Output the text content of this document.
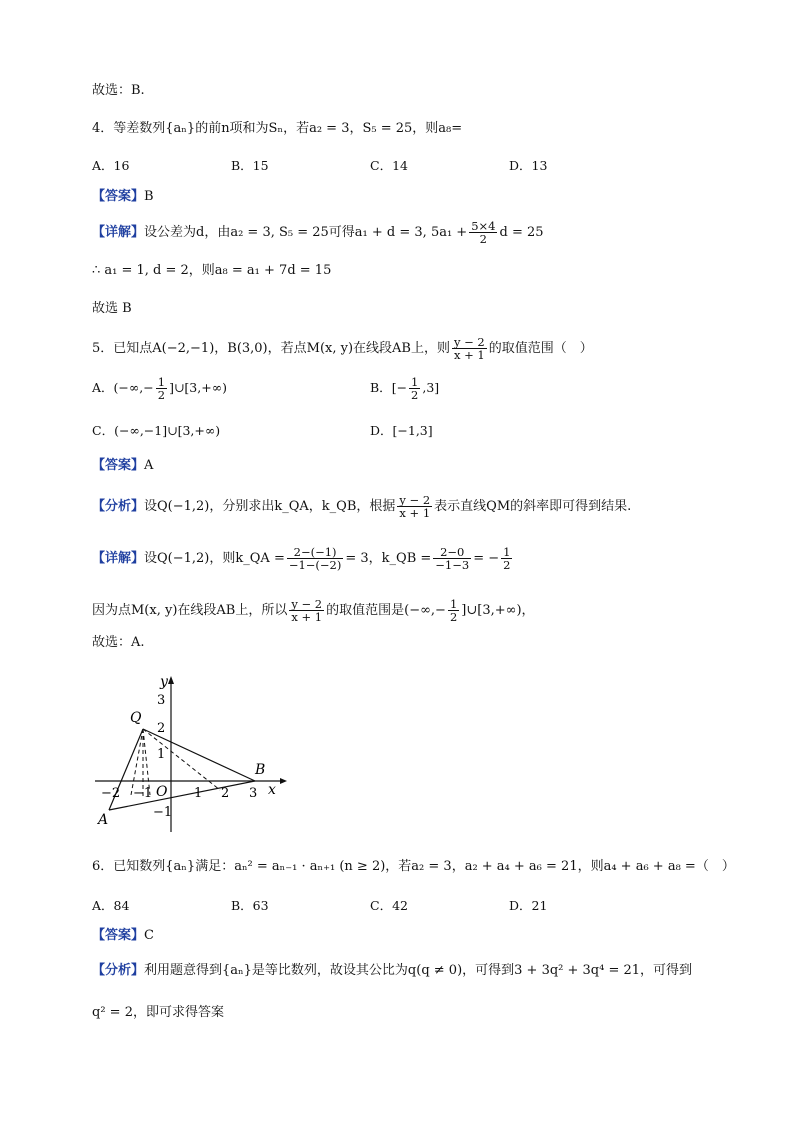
故选：B.
4．等差数列{aₙ}的前n项和为Sₙ，若a₂ = 3，S₅ = 25，则a₈=
A．16	B．15	C．14	D．13
【答案】B
【详解】设公差为d，由a₂ = 3, S₅ = 25可得a₁ + d = 3, $5a_1 + \frac{5\times 4}{2}$ d = 25
∴ a₁ = 1, d = 2，则a₈ = a₁ + 7d = 15
故选 B
5．已知点A(−2,−1)，B(3,0)，若点M(x, y)在线段AB上，则 $\frac{y - 2}{x + 1}$ 的取值范围（　）
A．(−∞,− $\frac{1}{2}$ ]∪[3,+∞)	B．[− $\frac{1}{2} ,3$]
C．(−∞,−1]∪[3,+∞)	D．[−1,3]
【答案】A
【分析】设Q(−1,2)，分别求出k_QA，k_QB，根据 $\frac{y - 2}{x + 1}$ 表示直线QM的斜率即可得到结果.
【详解】设Q(−1,2)，则k_QA = $\frac{2-(-1)}{-1-(-2)} = 3$，k_QB = $\frac{2-0}{-1-3}$ = − $\frac{1}{2}$
因为点M(x, y)在线段AB上，所以 $\frac{y - 2}{x + 1}$ 的取值范围是(−∞,− $\frac{1}{2}$ ]∪[3,+∞)，
故选：A.
y
x
O
Q
B
A
3
2
1
−1
−2 −1	1 2 3
6．已知数列{aₙ}满足：aₙ² = aₙ₋₁ · aₙ₊₁ (n ≥ 2)，若a₂ = 3，a₂ + a₄ + a₆ = 21，则a₄ + a₆ + a₈ =（　）
A．84	B．63	C．42	D．21
【答案】C
【分析】利用题意得到{aₙ}是等比数列，故设其公比为q(q ≠ 0)，可得到3 + 3q² + 3q⁴ = 21，可得到
q² = 2，即可求得答案
